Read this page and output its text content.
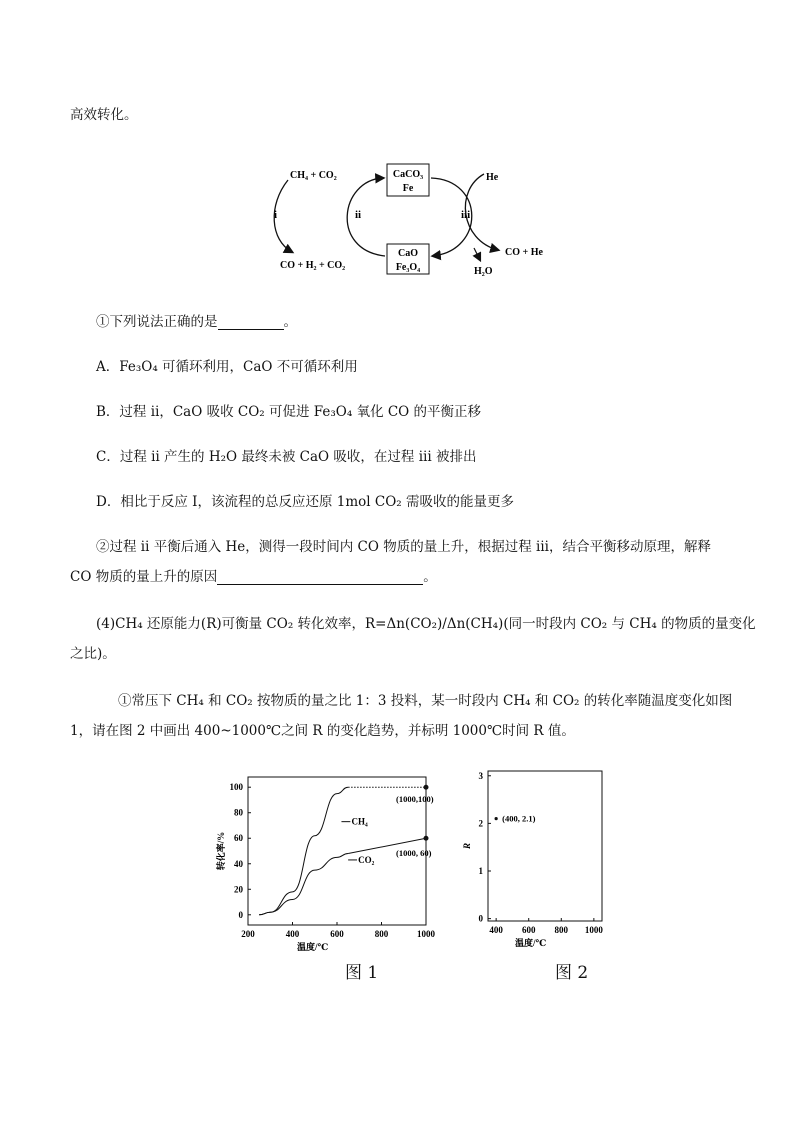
高效转化。
CH₄ + CO₂
CO + H₂ + CO₂
i
CaCO₃
Fe
CaO
Fe₃O₄
ii	iii
He
CO + He
H₂O
①下列说法正确的是	。
A．Fe₃O₄ 可循环利用，CaO 不可循环利用
B．过程 ⅱ，CaO 吸收 CO₂ 可促进 Fe₃O₄ 氧化 CO 的平衡正移
C．过程 ⅱ 产生的 H₂O 最终未被 CaO 吸收，在过程 ⅲ 被排出
D．相比于反应 I，该流程的总反应还原 1mol CO₂ 需吸收的能量更多
②过程 ⅱ 平衡后通入 He，测得一段时间内 CO 物质的量上升，根据过程 ⅲ，结合平衡移动原理，解释
CO 物质的量上升的原因	。
(4)CH₄ 还原能力(R)可衡量 CO₂ 转化效率，R=Δn(CO₂)/Δn(CH₄)(同一时段内 CO₂ 与 CH₄ 的物质的量变化
之比)。
①常压下 CH₄ 和 CO₂ 按物质的量之比 1：3 投料，某一时段内 CH₄ 和 CO₂ 的转化率随温度变化如图
1，请在图 2 中画出 400~1000℃之间 R 的变化趋势，并标明 1000℃时间 R 值。
200	400	600	800	1000
0
20
40
60
80
100
温度/℃
转化率/%
(1000,100)
(1000, 60)
CH₄
CO₂
图 1
400 600 800 1000
0
1
2
3
温度/℃
R
(400, 2.1)
图 2
